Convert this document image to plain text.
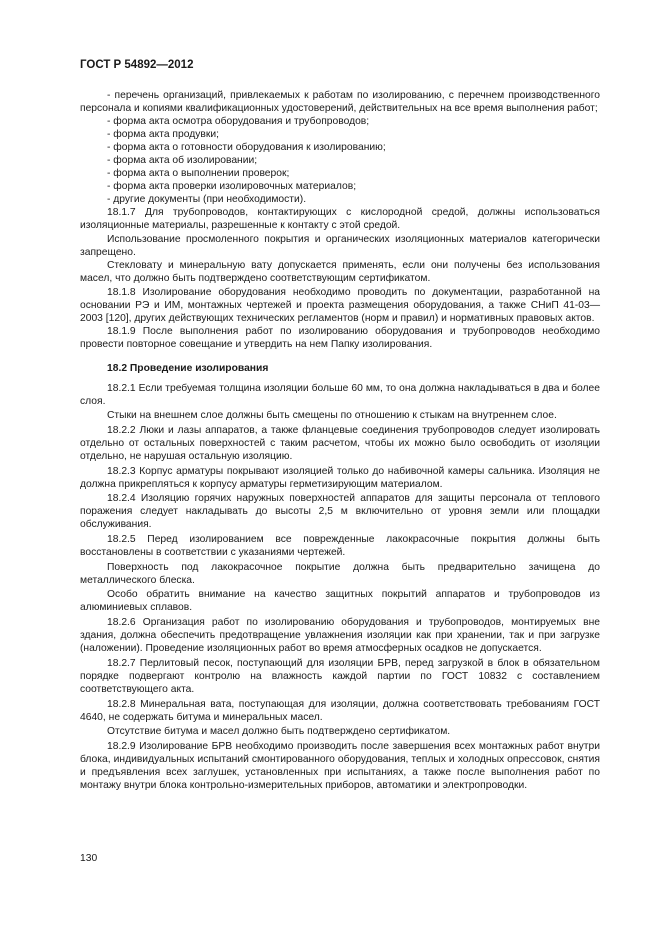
ГОСТ Р 54892—2012

- перечень организаций, привлекаемых к работам по изолированию, с перечнем производственного персонала и копиями квалификационных удостоверений, действительных на все время выполнения работ;

- форма акта осмотра оборудования и трубопроводов;

- форма акта продувки;

- форма акта о готовности оборудования к изолированию;

- форма акта об изолировании;

- форма акта о выполнении проверок;

- форма акта проверки изолировочных материалов;

- другие документы (при необходимости).

18.1.7 Для трубопроводов, контактирующих с кислородной средой, должны использоваться изоляционные материалы, разрешенные к контакту с этой средой.

Использование просмоленного покрытия и органических изоляционных материалов категорически запрещено.

Стекловату и минеральную вату допускается применять, если они получены без использования масел, что должно быть подтверждено соответствующим сертификатом.

18.1.8 Изолирование оборудования необходимо проводить по документации, разработанной на основании РЭ и ИМ, монтажных чертежей и проекта размещения оборудования, а также СНиП 41-03—2003 [120], других действующих технических регламентов (норм и правил) и нормативных правовых актов.

18.1.9 После выполнения работ по изолированию оборудования и трубопроводов необходимо провести повторное совещание и утвердить на нем Папку изолирования.

18.2 Проведение изолирования

18.2.1 Если требуемая толщина изоляции больше 60 мм, то она должна накладываться в два и более слоя.

Стыки на внешнем слое должны быть смещены по отношению к стыкам на внутреннем слое.

18.2.2 Люки и лазы аппаратов, а также фланцевые соединения трубопроводов следует изолировать отдельно от остальных поверхностей с таким расчетом, чтобы их можно было освободить от изоляции отдельно, не нарушая остальную изоляцию.

18.2.3 Корпус арматуры покрывают изоляцией только до набивочной камеры сальника. Изоляция не должна прикрепляться к корпусу арматуры герметизирующим материалом.

18.2.4 Изоляцию горячих наружных поверхностей аппаратов для защиты персонала от теплового поражения следует накладывать до высоты 2,5 м включительно от уровня земли или площадки обслуживания.

18.2.5 Перед изолированием все поврежденные лакокрасочные покрытия должны быть восстановлены в соответствии с указаниями чертежей.

Поверхность под лакокрасочное покрытие должна быть предварительно зачищена до металлического блеска.

Особо обратить внимание на качество защитных покрытий аппаратов и трубопроводов из алюминиевых сплавов.

18.2.6 Организация работ по изолированию оборудования и трубопроводов, монтируемых вне здания, должна обеспечить предотвращение увлажнения изоляции как при хранении, так и при загрузке (наложении). Проведение изоляционных работ во время атмосферных осадков не допускается.

18.2.7 Перлитовый песок, поступающий для изоляции БРВ, перед загрузкой в блок в обязательном порядке подвергают контролю на влажность каждой партии по ГОСТ 10832 с составлением соответствующего акта.

18.2.8 Минеральная вата, поступающая для изоляции, должна соответствовать требованиям ГОСТ 4640, не содержать битума и минеральных масел.

Отсутствие битума и масел должно быть подтверждено сертификатом.

18.2.9 Изолирование БРВ необходимо производить после завершения всех монтажных работ внутри блока, индивидуальных испытаний смонтированного оборудования, теплых и холодных опрессовок, снятия и предъявления всех заглушек, установленных при испытаниях, а также после выполнения работ по монтажу внутри блока контрольно-измерительных приборов, автоматики и электропроводки.

130
